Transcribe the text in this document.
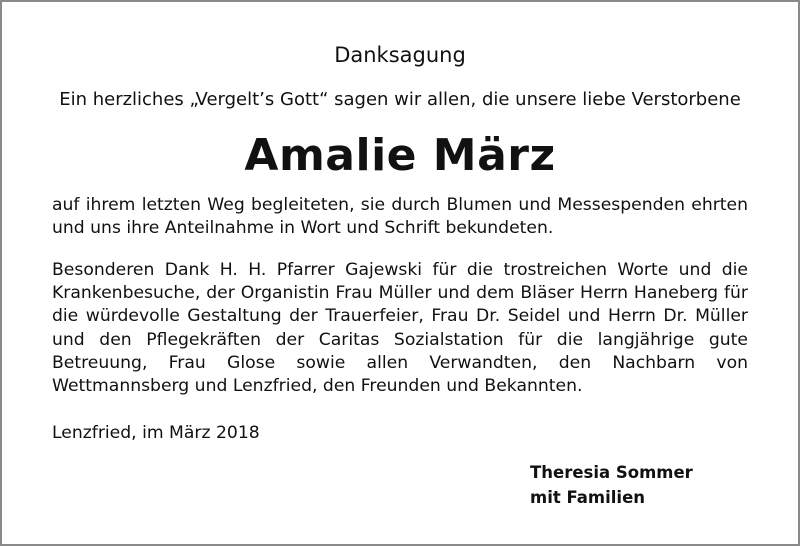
Danksagung
Ein herzliches „Vergelt’s Gott“ sagen wir allen, die unsere liebe Verstorbene
Amalie März

auf ihrem letzten Weg begleiteten, sie durch Blumen und Messespenden ehrten und uns ihre Anteilnahme in Wort und Schrift bekundeten.

Besonderen Dank H. H. Pfarrer Gajewski für die trostreichen Worte und die Krankenbesuche, der Organistin Frau Müller und dem Bläser Herrn Haneberg für die würdevolle Gestaltung der Trauerfeier, Frau Dr. Seidel und Herrn Dr. Müller und den Pflegekräften der Caritas Sozialstation für die langjährige gute Betreuung, Frau Glose sowie allen Verwandten, den Nachbarn von Wettmannsberg und Lenzfried, den Freunden und Bekannten.

Lenzfried, im März 2018
Theresia Sommer
mit Familien
